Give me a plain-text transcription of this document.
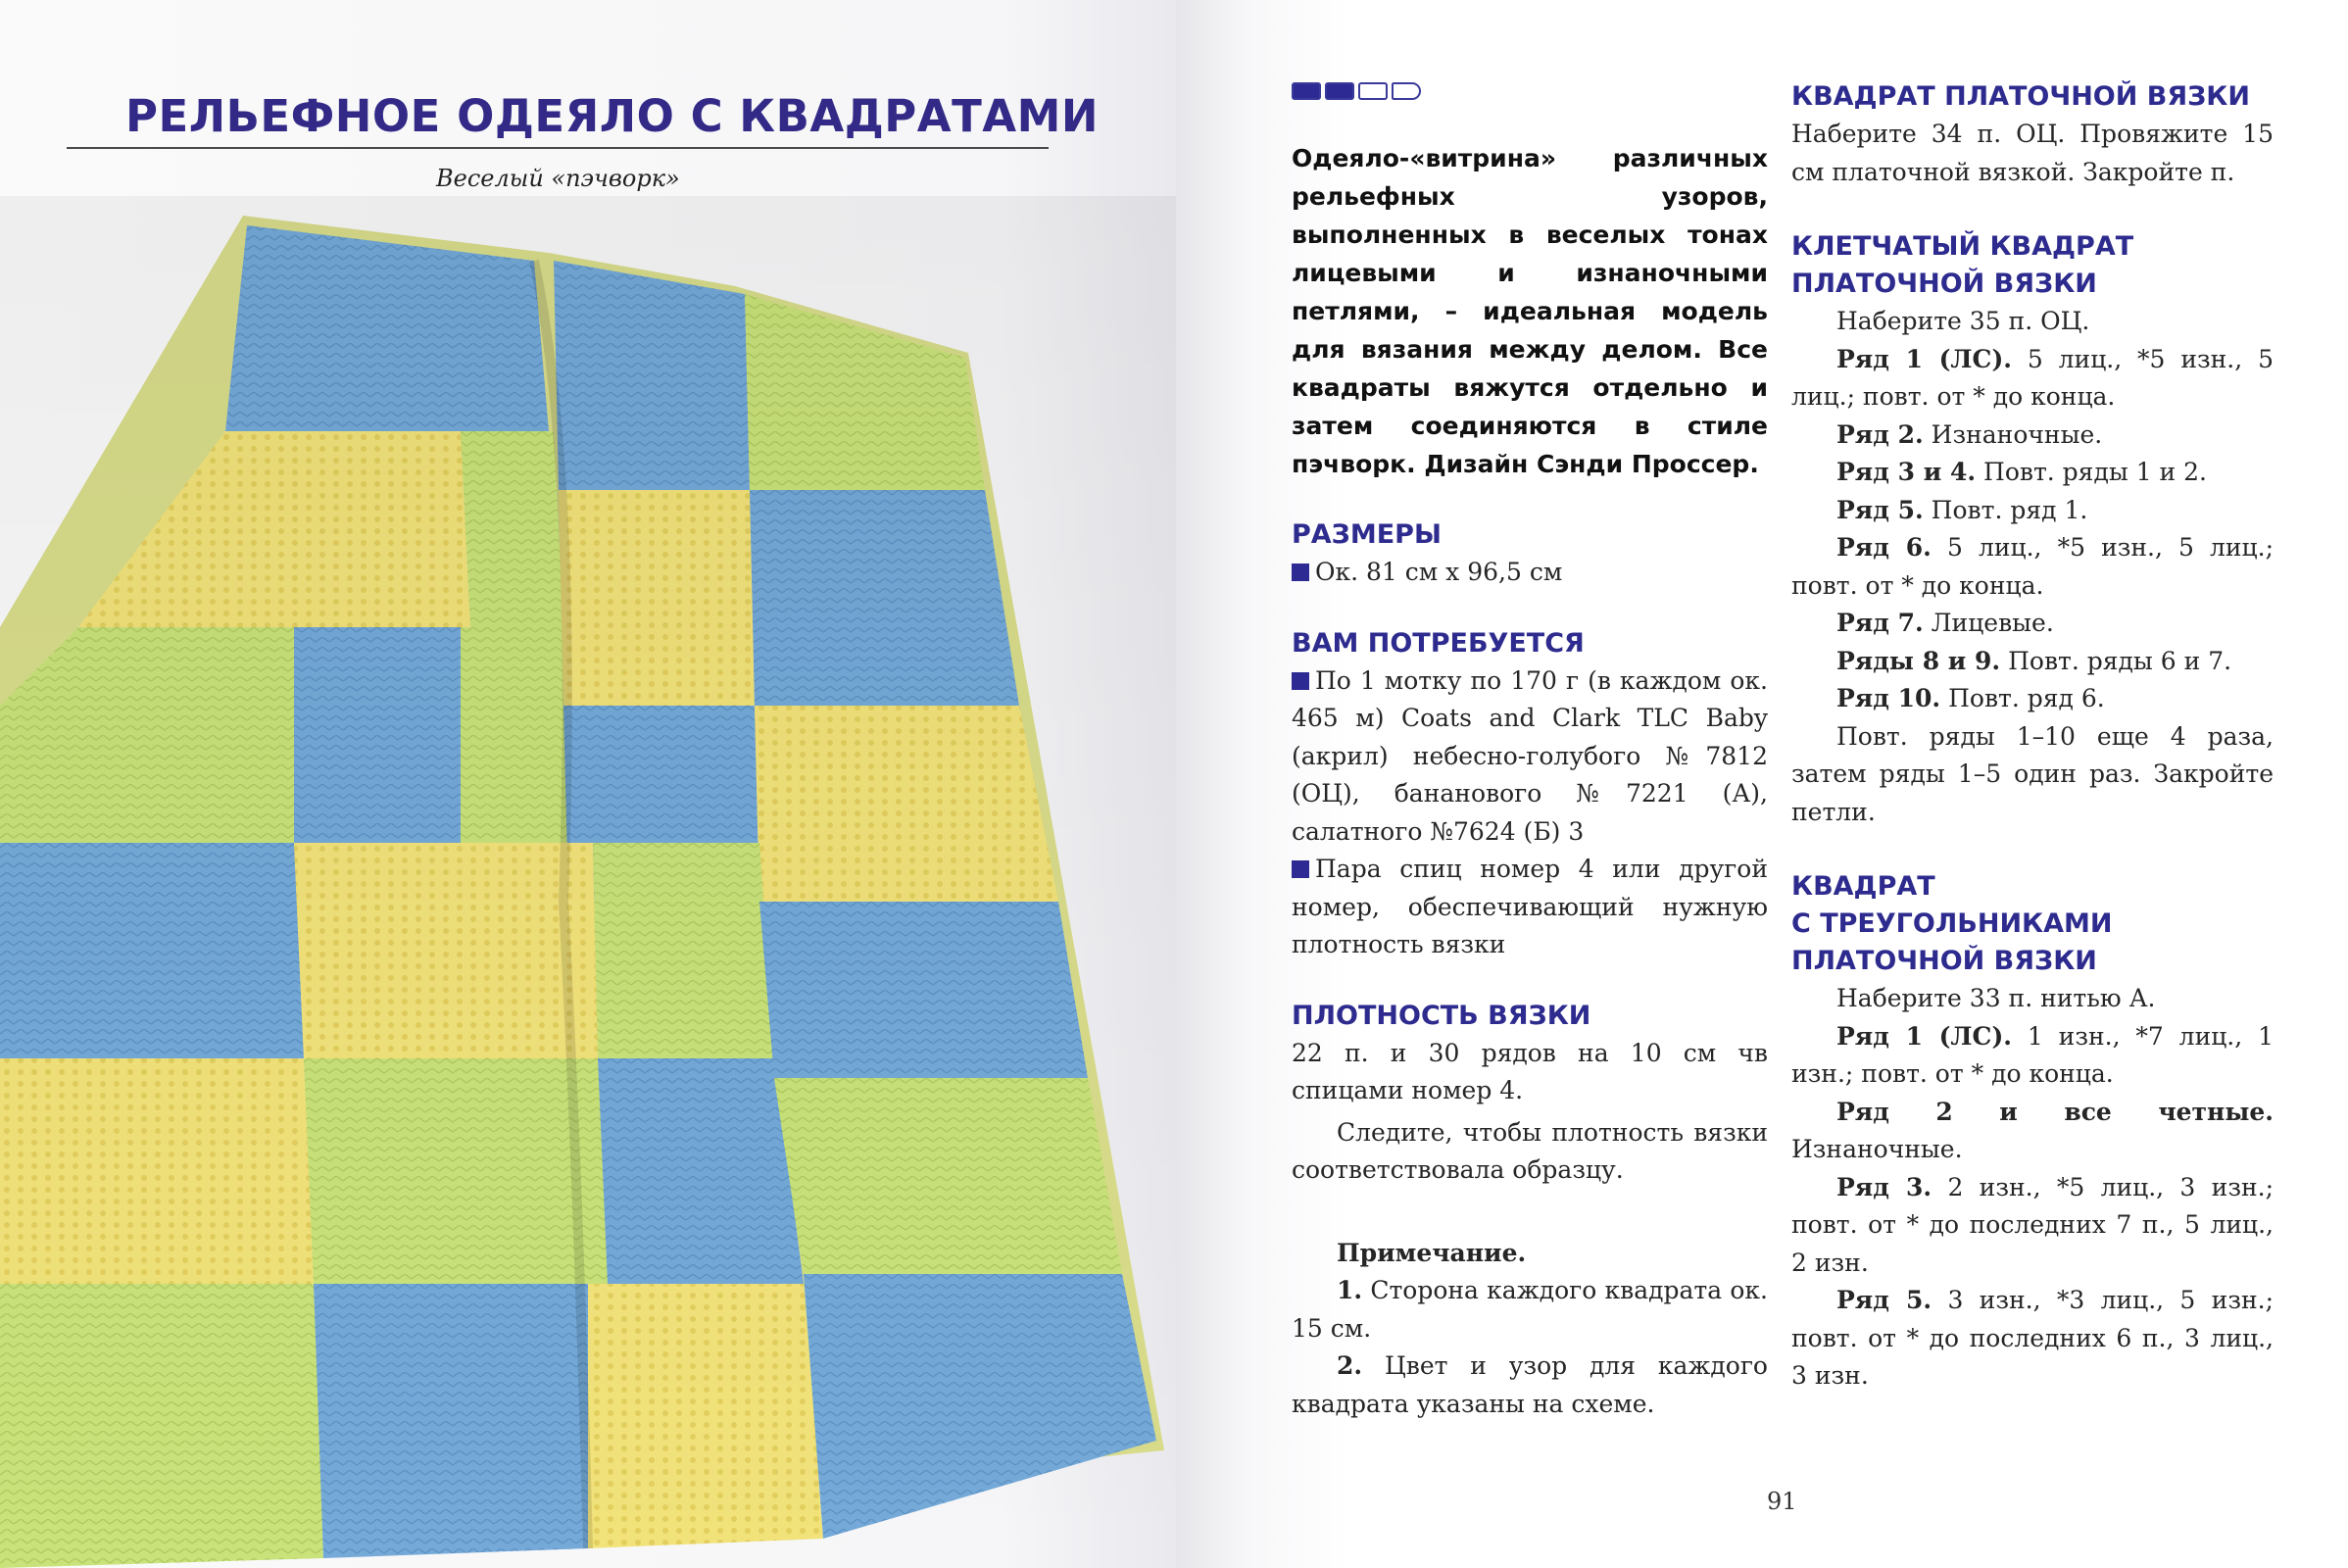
РЕЛЬЕФНОЕ ОДЕЯЛО С КВАДРАТАМИ
Веселый «пэчворк»

Одеяло-«витрина» различных рельефных узоров, выполненных в веселых тонах лицевыми и изнаночными петлями, – идеальная модель для вязания между делом. Все квадраты вяжутся отдельно и затем соединяются в стиле пэчворк. Дизайн Сэнди Проссер.

РАЗМЕРЫ

Ок. 81 см х 96,5 см

ВАМ ПОТРЕБУЕТСЯ

По 1 мотку по 170 г (в каждом ок. 465 м) Coats and Clark TLC Baby (акрил) небесно-голубого №7812 (ОЦ), бананового №7221 (А), салатного №7624 (Б) 3

Пара спиц номер 4 или другой номер, обеспечивающий нужную плотность вязки

ПЛОТНОСТЬ ВЯЗКИ

22 п. и 30 рядов на 10 см чв спицами номер 4.

Следите, чтобы плотность вязки соответствовала образцу.

Примечание.

1. Сторона каждого квадрата ок. 15 см.

2. Цвет и узор для каждого квадрата указаны на схеме.

КВАДРАТ ПЛАТОЧНОЙ ВЯЗКИ

Наберите 34 п. ОЦ. Провяжите 15 см платочной вязкой. Закройте п.

КЛЕТЧАТЫЙ КВАДРАТ

ПЛАТОЧНОЙ ВЯЗКИ

Наберите 35 п. ОЦ.

Ряд 1 (ЛС). 5 лиц., *5 изн., 5 лиц.; повт. от * до конца.

Ряд 2. Изнаночные.

Ряд 3 и 4. Повт. ряды 1 и 2.

Ряд 5. Повт. ряд 1.

Ряд 6. 5 лиц., *5 изн., 5 лиц.; повт. от * до конца.

Ряд 7. Лицевые.

Ряды 8 и 9. Повт. ряды 6 и 7.

Ряд 10. Повт. ряд 6.

Повт. ряды 1–10 еще 4 раза, затем ряды 1–5 один раз. Закройте петли.

КВАДРАТ

С ТРЕУГОЛЬНИКАМИ

ПЛАТОЧНОЙ ВЯЗКИ

Наберите 33 п. нитью А.

Ряд 1 (ЛС). 1 изн., *7 лиц., 1 изн.; повт. от * до конца.

Ряд 2 и все четные. Изнаночные.

Ряд 3. 2 изн., *5 лиц., 3 изн.; повт. от * до последних 7 п., 5 лиц., 2 изн.

Ряд 5. 3 изн., *3 лиц., 5 изн.; повт. от * до последних 6 п., 3 лиц., 3 изн.

91
